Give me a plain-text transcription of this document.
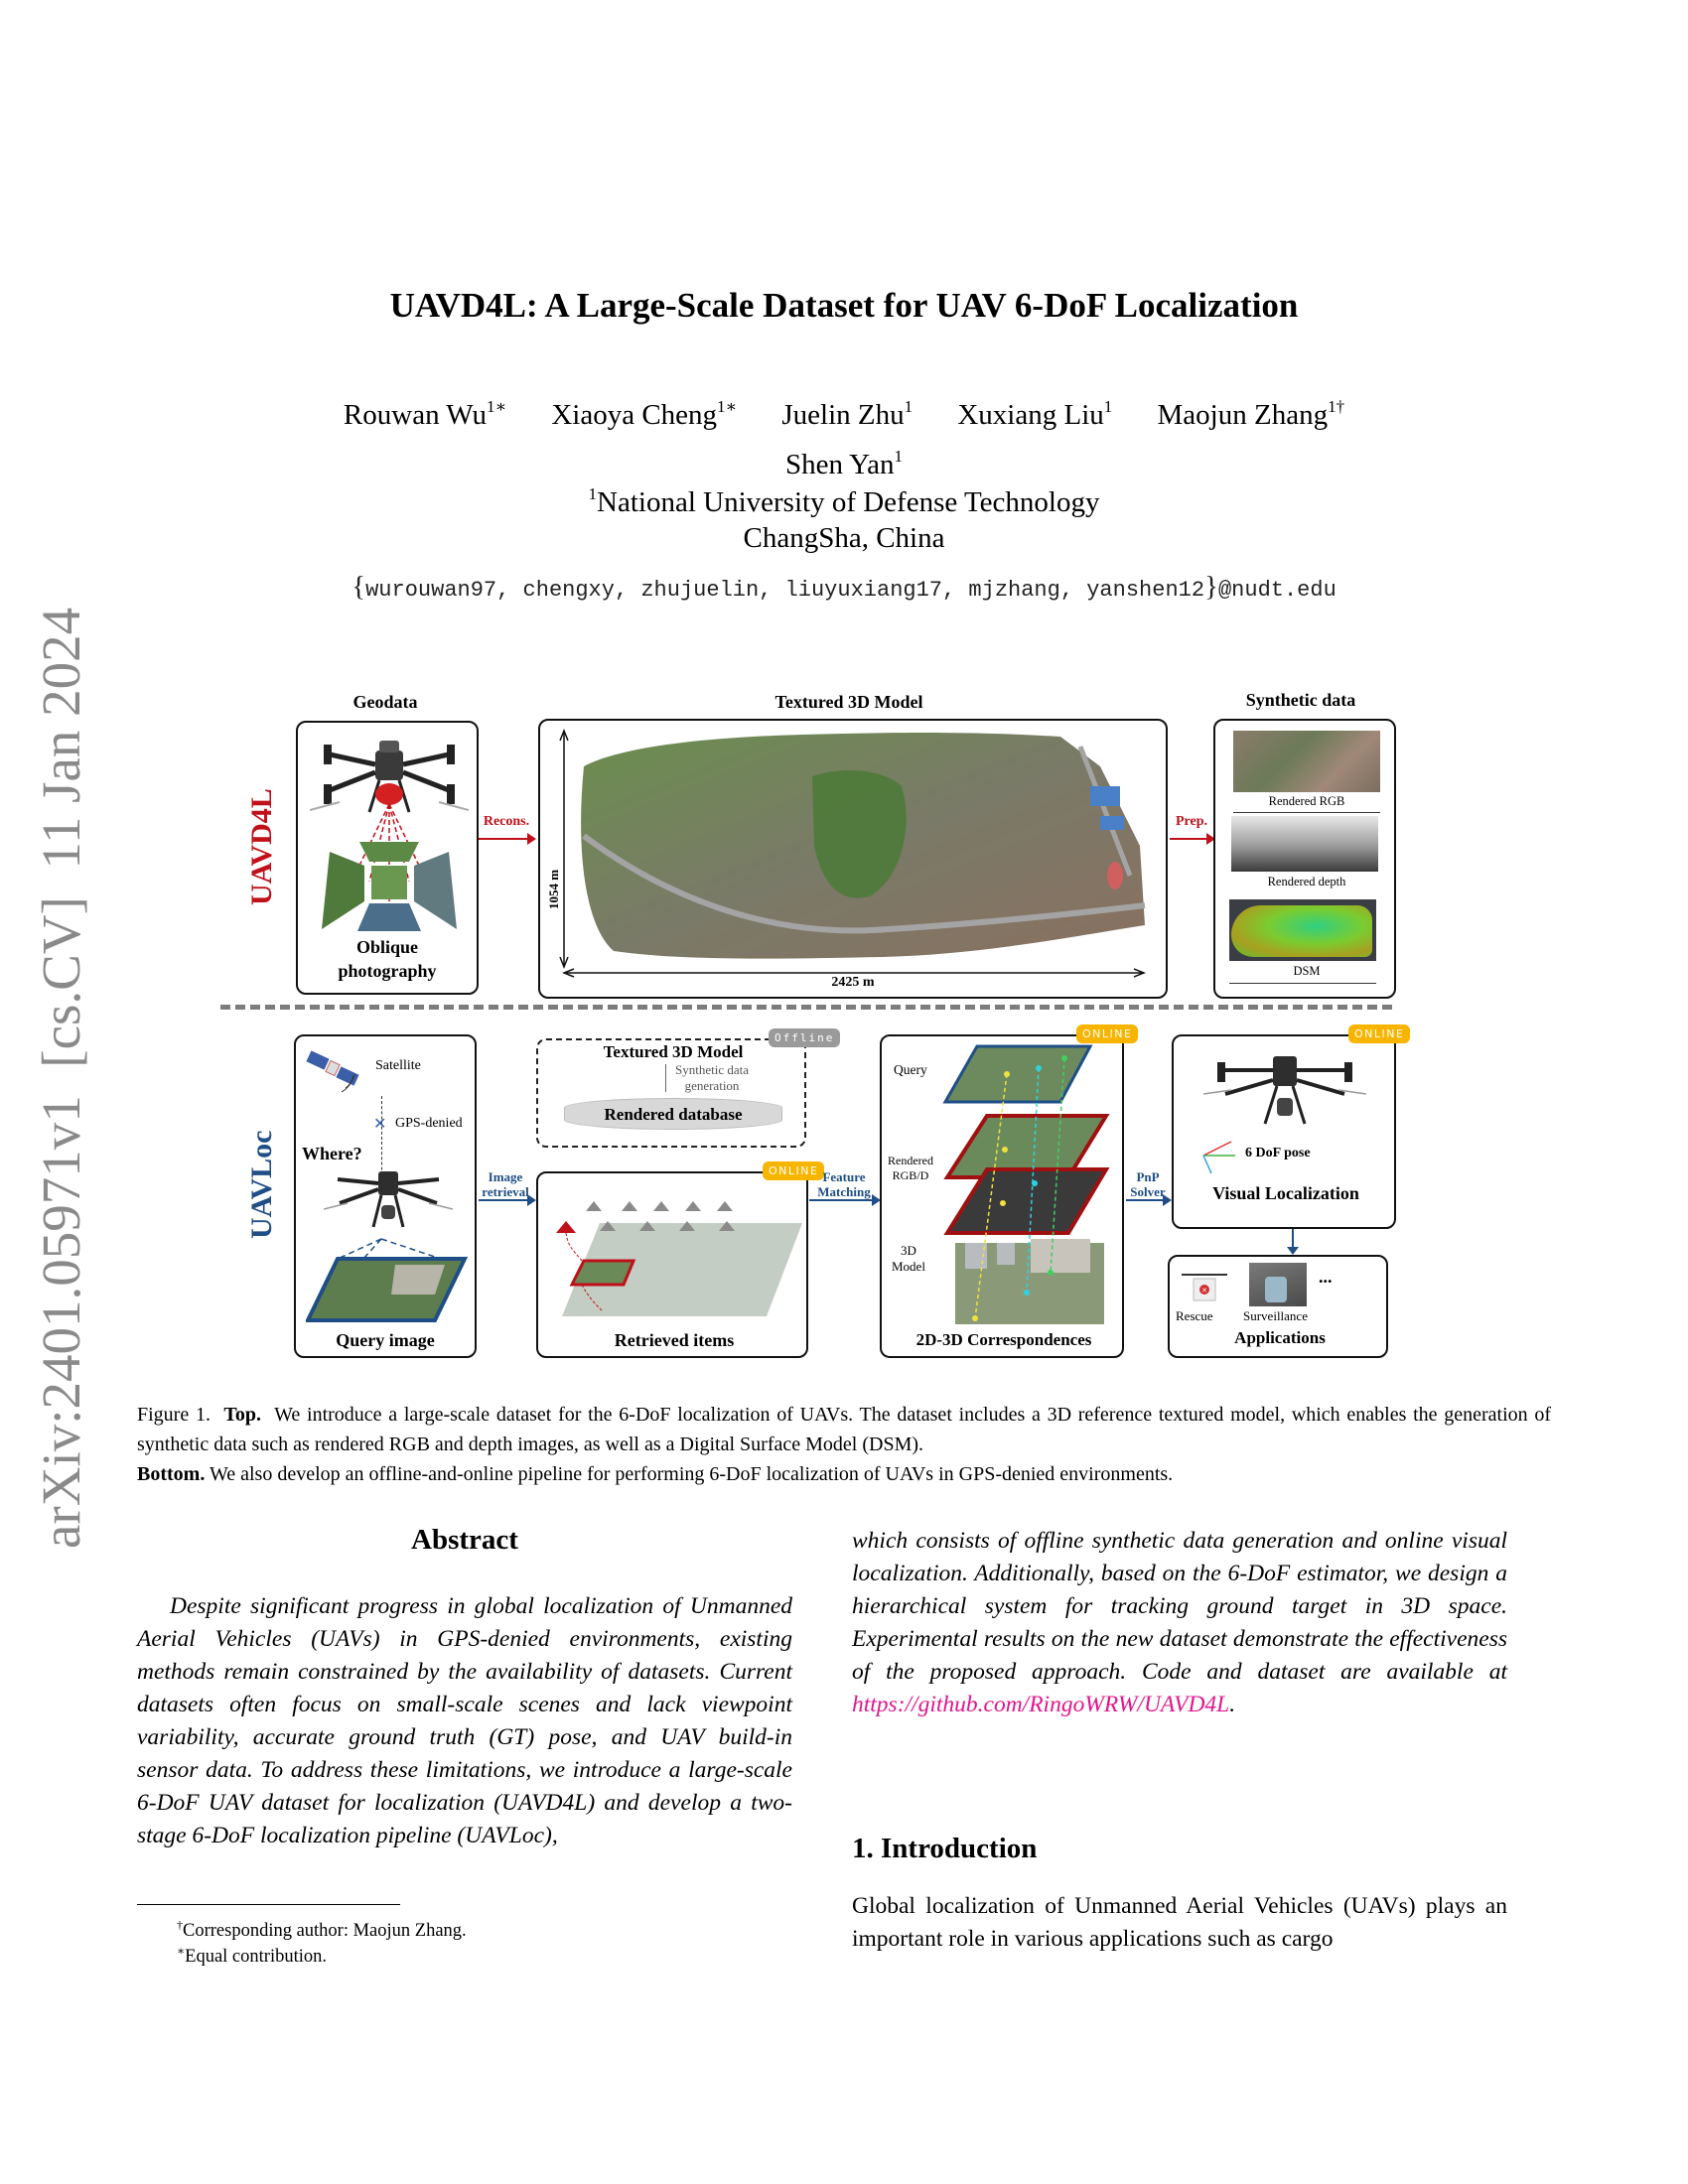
arXiv:2401.05971v1  [cs.CV]  11 Jan 2024
UAVD4L: A Large-Scale Dataset for UAV 6-DoF Localization
Rouwan $Wu^{1∗}$ Xiaoya Cheng$^{1∗}$ Juelin Zhu$^1$ Xuxiang Liu$^1$ Maojun Zhang$^{1\dagger}$
Shen Yan$^1$
$^1$National University of Defense Technology
ChangSha, China
{wurouwan97, chengxy, zhujuelin, liuyuxiang17, mjzhang, yanshen12}@nudt.edu
UAVD4L
Geodata
Oblique
photography
Recons.
Textured 3D Model
1054 m
2425 m
Prep.
Synthetic data
Rendered RGB
Rendered depth
DSM
UAVLoc
Satellite
✕ GPS-denied
Where?
Query image
Image
retrieval
Textured 3D Model
Synthetic data
generation
Rendered database
Offline
ONLINE
Retrieved items
Feature
Matching
ONLINE
Query
Rendered
RGB/D
3D
Model
2D-3D Correspondences
PnP
Solver
ONLINE
6 DoF pose
Visual Localization
✕
...
Rescue Surveillance
Applications
Figure 1. Top. We introduce a large-scale dataset for the 6-DoF localization of UAVs. The dataset includes a 3D reference textured model, which enables the generation of synthetic data such as rendered RGB and depth images, as well as a Digital Surface Model (DSM).
Bottom. We also develop an offline-and-online pipeline for performing 6-DoF localization of UAVs in GPS-denied environments.
Abstract
Despite significant progress in global localization of Unmanned Aerial Vehicles (UAVs) in GPS-denied environments, existing methods remain constrained by the availability of datasets. Current datasets often focus on small-scale scenes and lack viewpoint variability, accurate ground truth (GT) pose, and UAV build-in sensor data. To address these limitations, we introduce a large-scale 6-DoF UAV dataset for localization (UAVD4L) and develop a two-stage 6-DoF localization pipeline (UAVLoc),
†Corresponding author: Maojun Zhang.
∗Equal contribution.
which consists of offline synthetic data generation and online visual localization. Additionally, based on the 6-DoF estimator, we design a hierarchical system for tracking ground target in 3D space. Experimental results on the new dataset demonstrate the effectiveness of the proposed approach. Code and dataset are available at https://github.com/RingoWRW/UAVD4L.
1. Introduction
Global localization of Unmanned Aerial Vehicles (UAVs) plays an important role in various applications such as cargo
